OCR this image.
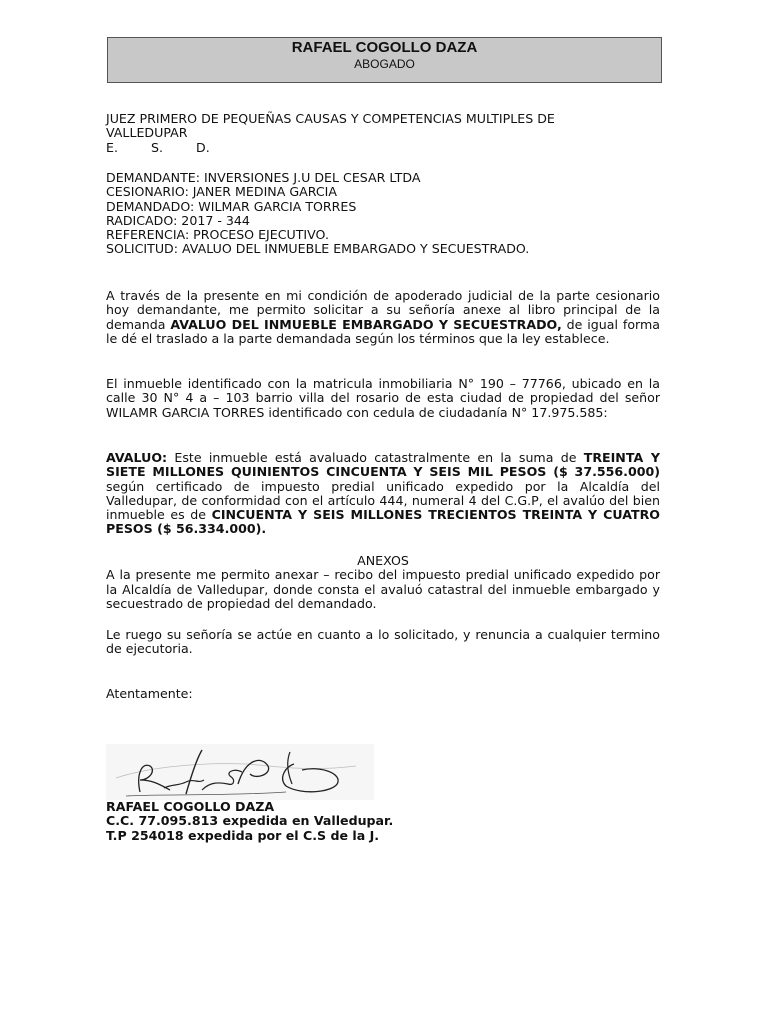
RAFAEL COGOLLO DAZA
ABOGADO
JUEZ PRIMERO DE PEQUEÑAS CAUSAS Y COMPETENCIAS MULTIPLES DE
VALLEDUPAR
E.	S.	D.
DEMANDANTE: INVERSIONES J.U DEL CESAR LTDA
CESIONARIO: JANER MEDINA GARCIA
DEMANDADO: WILMAR GARCIA TORRES
RADICADO: 2017 - 344
REFERENCIA: PROCESO EJECUTIVO.
SOLICITUD: AVALUO DEL INMUEBLE EMBARGADO Y SECUESTRADO.
A través de la presente en mi condición de apoderado judicial de la parte cesionario hoy demandante, me permito solicitar a su señoría anexe al libro principal de la demanda AVALUO DEL INMUEBLE EMBARGADO Y SECUESTRADO, de igual forma le dé el traslado a la parte demandada según los términos que la ley establece.
El inmueble identificado con la matricula inmobiliaria N° 190 – 77766, ubicado en la calle 30 N° 4 a – 103 barrio villa del rosario de esta ciudad de propiedad del señor WILAMR GARCIA TORRES identificado con cedula de ciudadanía N° 17.975.585:
AVALUO: Este inmueble está avaluado catastralmente en la suma de TREINTA Y SIETE MILLONES QUINIENTOS CINCUENTA Y SEIS MIL PESOS ($ 37.556.000) según certificado de impuesto predial unificado expedido por la Alcaldía del Valledupar, de conformidad con el artículo 444, numeral 4 del C.G.P, el avalúo del bien inmueble es de CINCUENTA Y SEIS MILLONES TRECIENTOS TREINTA Y CUATRO PESOS ($ 56.334.000).
ANEXOS
A la presente me permito anexar – recibo del impuesto predial unificado expedido por la Alcaldía de Valledupar, donde consta el avaluó catastral del inmueble embargado y secuestrado de propiedad del demandado.
Le ruego su señoría se actúe en cuanto a lo solicitado, y renuncia a cualquier termino de ejecutoria.
Atentamente:
RAFAEL COGOLLO DAZA
C.C. 77.095.813 expedida en Valledupar.
T.P 254018 expedida por el C.S de la J.
